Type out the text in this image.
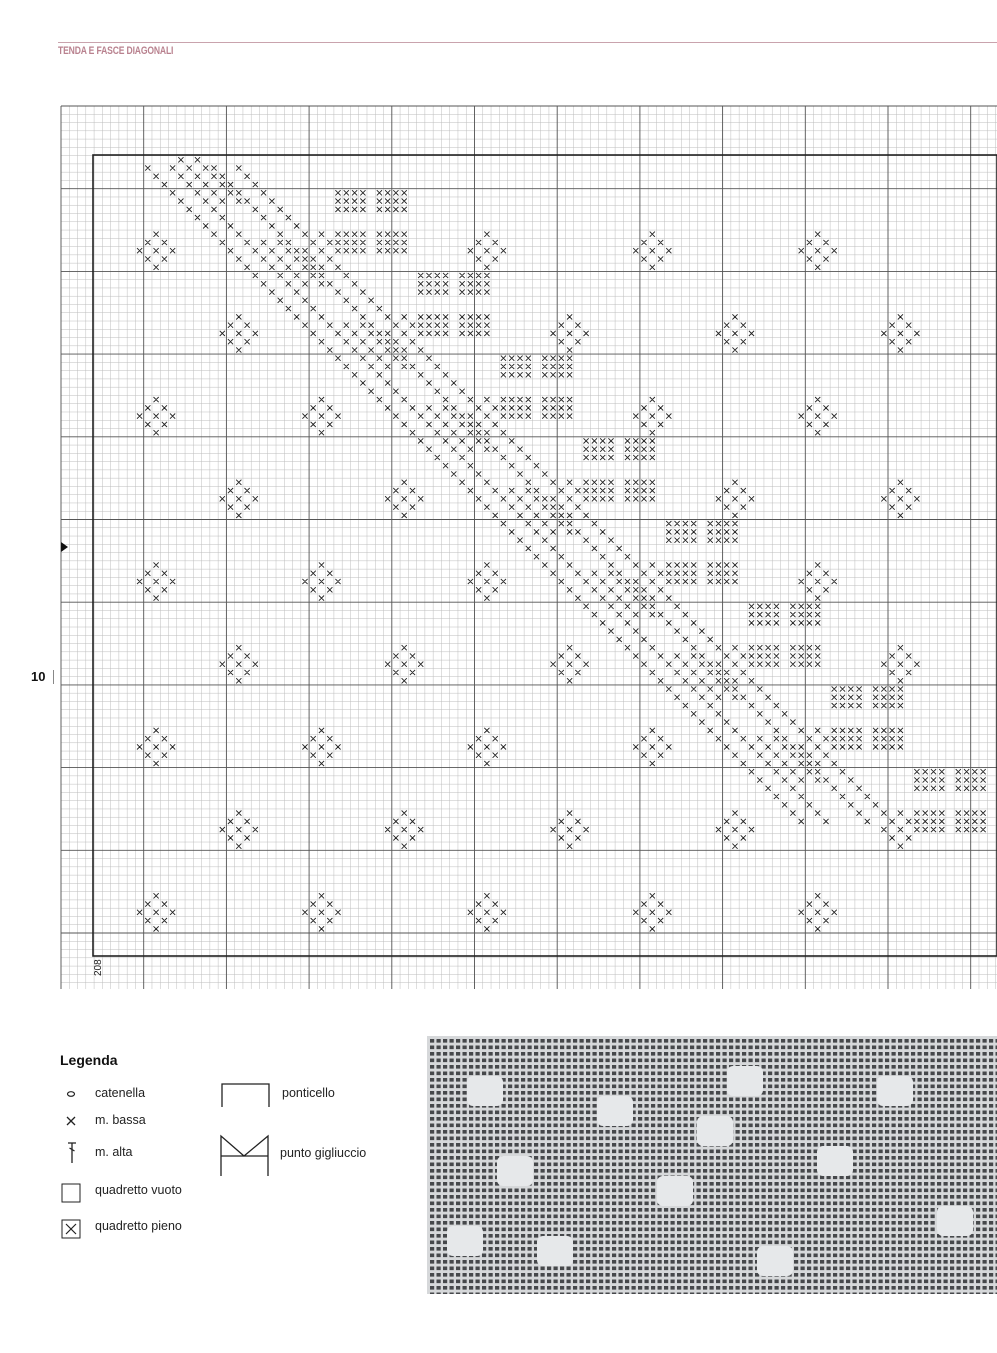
TENDA E FASCE DIAGONALI
208
10
Legenda
catenella
m. bassa
m. alta
quadretto vuoto
quadretto pieno
ponticello
punto gigliuccio
